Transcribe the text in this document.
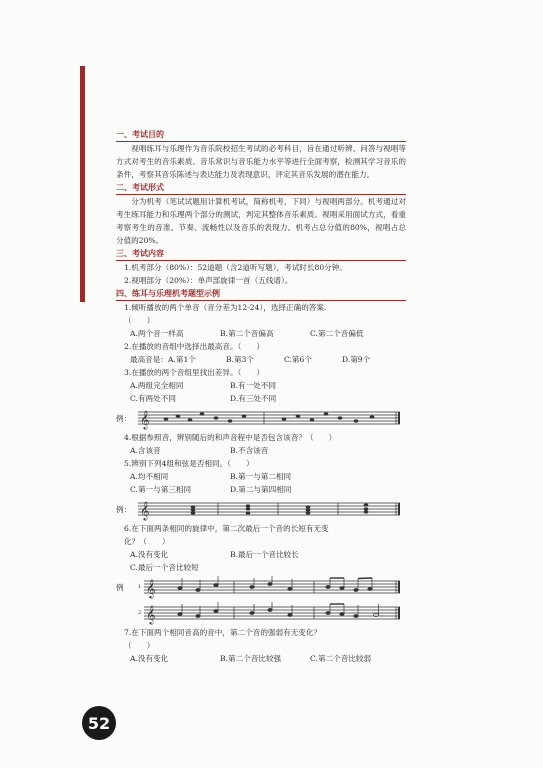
一、考试目的

视唱练耳与乐理作为音乐院校招生考试的必考科目，旨在通过听辨、问答与视唱等方式对考生的音乐素质、音乐常识与音乐能力水平等进行全面考察，检测其学习音乐的条件，考察其音乐陈述与表达能力及表现意识，评定其音乐发展的潜在能力。

二、考试形式

分为机考（笔试试题用计算机考试，简称机考，下同）与视唱两部分。机考通过对考生练耳能力和乐理两个部分的测试，判定其整体音乐素质。视唱采用面试方式，看重考察考生的音准、节奏、流畅性以及音乐的表现力。机考占总分值的80%，视唱占总分值的20%。

三、考试内容

1.机考部分（80%）：52道题（含2道听写题），考试时长80分钟。

2.视唱部分（20%）：单声部旋律一首（五线谱）。

四、练耳与乐理机考题型示例

1.倾听播放的两个单音（音分差为12-24），选择正确的答案.

（　　）

A.两个音一样高	B.第二个音偏高	C.第二个音偏低

2.在播放的音组中选择出最高音。（　　）

最高音是： A.第1个	B.第3个	C.第6个	D.第9个

3.在播放的两个音组里找出差异。（　　）

A.两组完全相同	B.有一处不同
C.有两处不同	D.有三处不同
例： 𝄞

4.根据参照音，辨别随后的和声音程中是否包含该音？（　　）

A.含该音	B.不含该音

5.辨别下列4组和弦是否相同。（　　）

A.均不相同	B.第一与第二相同
C.第一与第三相同	D.第二与第四相同
例： 𝄞

6.在下面两条相同的旋律中，第二次最后一个音的长短有无变

化？（　　）

A.没有变化	B.最后一个音比较长
C.最后一个音比较短
例	1 𝄞
2 𝄞

7.在下面两个相同音高的音中，第二个音的强弱有无变化？

（　　）

A.没有变化	B.第二个音比较强	C.第二个音比较弱
52
